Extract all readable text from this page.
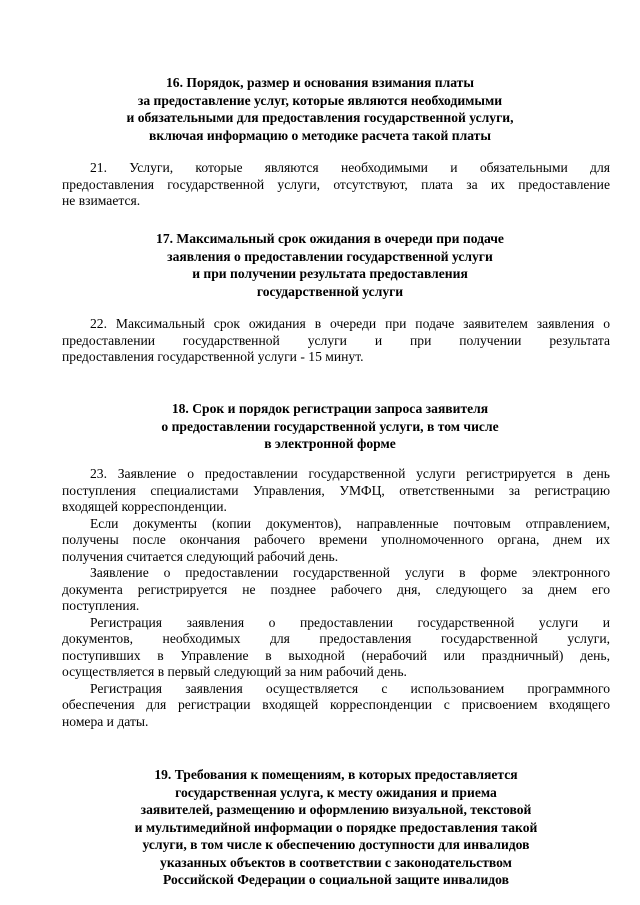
16. Порядок, размер и основания взимания платы
за предоставление услуг, которые являются необходимыми
и обязательными для предоставления государственной услуги,
включая информацию о методике расчета такой платы
21. Услуги, которые являются необходимыми и обязательными для
предоставления государственной услуги, отсутствуют, плата за их предоставление
не взимается.
17. Максимальный срок ожидания в очереди при подаче
заявления о предоставлении государственной услуги
и при получении результата предоставления
государственной услуги
22. Максимальный срок ожидания в очереди при подаче заявителем заявления о
предоставлении государственной услуги и при получении результата
предоставления государственной услуги - 15 минут.
18. Срок и порядок регистрации запроса заявителя
о предоставлении государственной услуги, в том числе
в электронной форме
23. Заявление о предоставлении государственной услуги регистрируется в день
поступления специалистами Управления, УМФЦ, ответственными за регистрацию
входящей корреспонденции.
Если документы (копии документов), направленные почтовым отправлением,
получены после окончания рабочего времени уполномоченного органа, днем их
получения считается следующий рабочий день.
Заявление о предоставлении государственной услуги в форме электронного
документа регистрируется не позднее рабочего дня, следующего за днем его
поступления.
Регистрация заявления о предоставлении государственной услуги и
документов, необходимых для предоставления государственной услуги,
поступивших в Управление в выходной (нерабочий или праздничный) день,
осуществляется в первый следующий за ним рабочий день.
Регистрация заявления осуществляется с использованием программного
обеспечения для регистрации входящей корреспонденции с присвоением входящего
номера и даты.
19. Требования к помещениям, в которых предоставляется
государственная услуга, к месту ожидания и приема
заявителей, размещению и оформлению визуальной, текстовой
и мультимедийной информации о порядке предоставления такой
услуги, в том числе к обеспечению доступности для инвалидов
указанных объектов в соответствии с законодательством
Российской Федерации о социальной защите инвалидов
